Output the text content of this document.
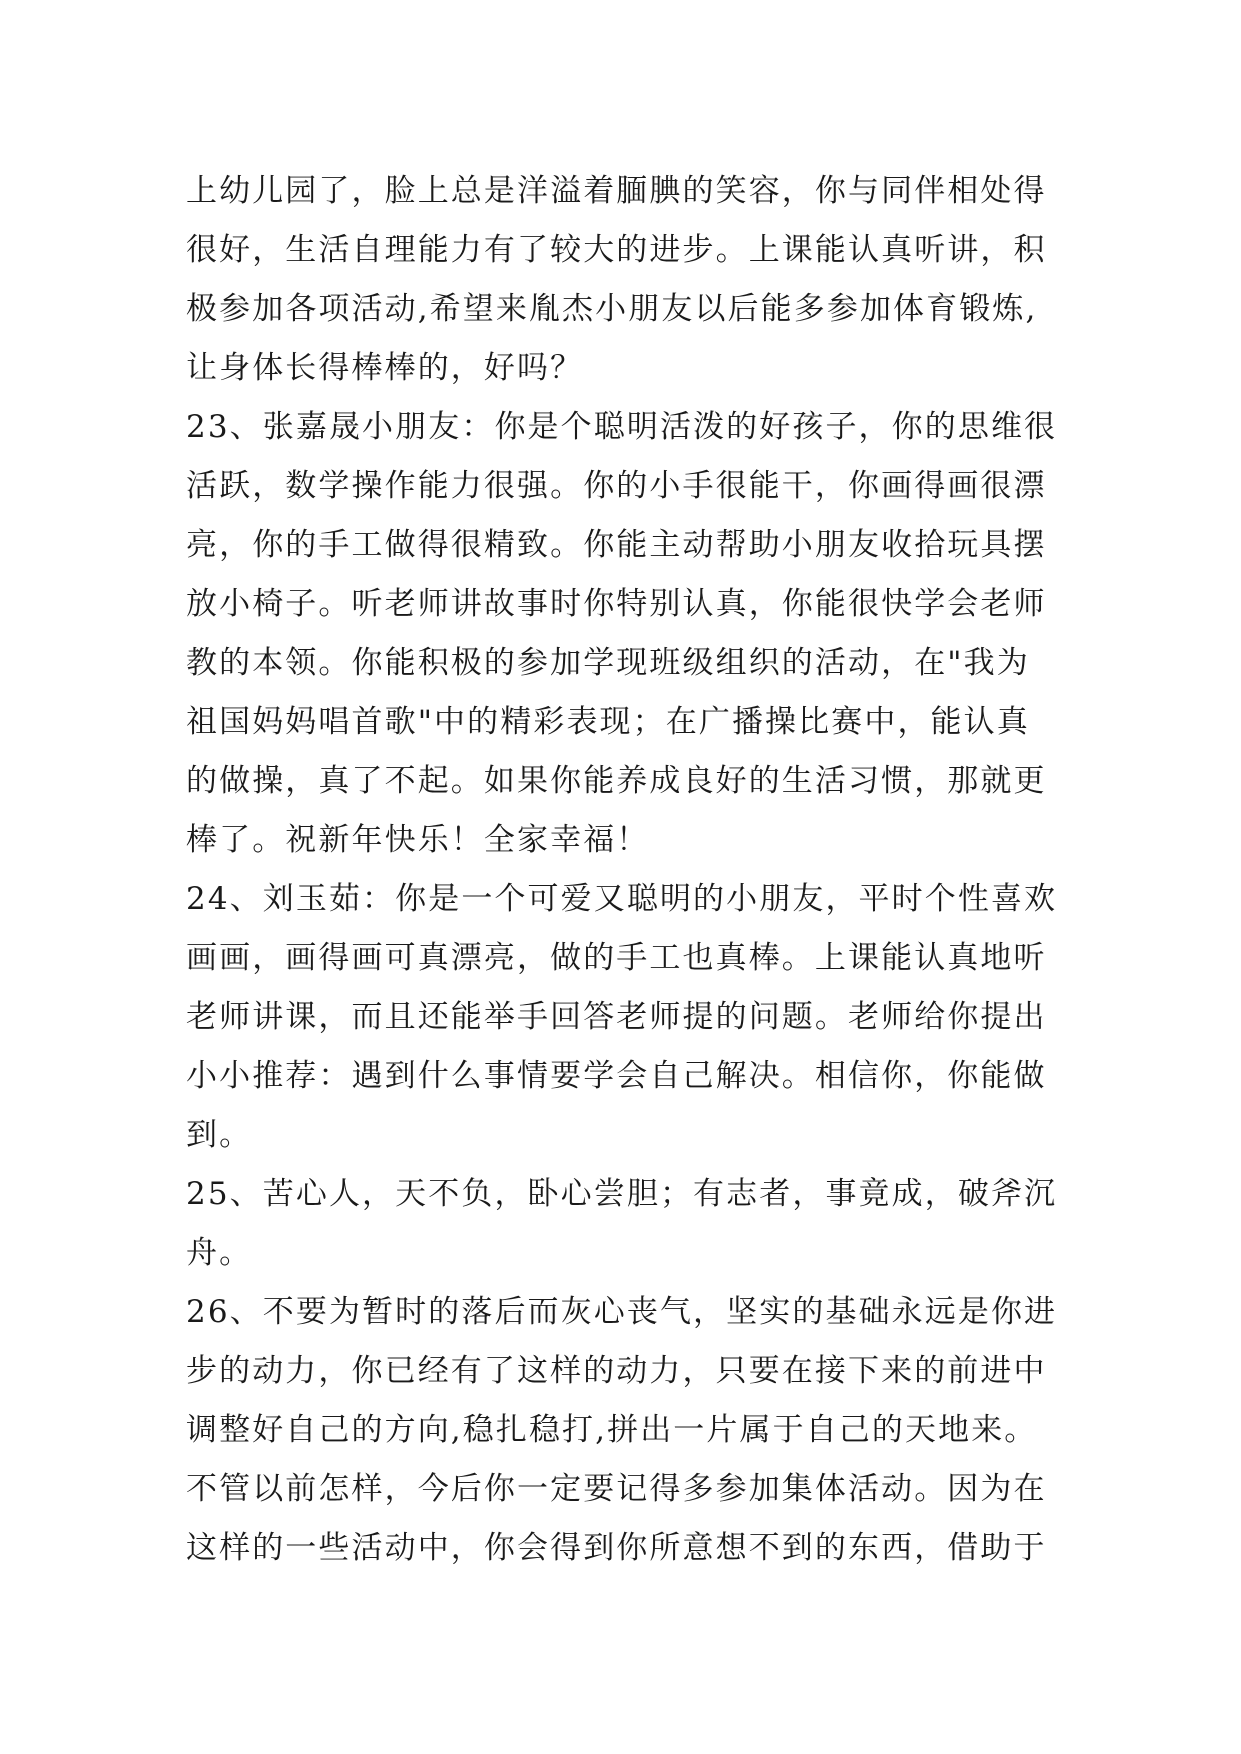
上幼儿园了，脸上总是洋溢着腼腆的笑容，你与同伴相处得
很好，生活自理能力有了较大的进步。上课能认真听讲，积
极参加各项活动,希望来胤杰小朋友以后能多参加体育锻炼,
让身体长得棒棒的，好吗？
23、张嘉晟小朋友：你是个聪明活泼的好孩子，你的思维很
活跃，数学操作能力很强。你的小手很能干，你画得画很漂
亮，你的手工做得很精致。你能主动帮助小朋友收拾玩具摆
放小椅子。听老师讲故事时你特别认真，你能很快学会老师
教的本领。你能积极的参加学现班级组织的活动，在"我为
祖国妈妈唱首歌"中的精彩表现；在广播操比赛中，能认真
的做操，真了不起。如果你能养成良好的生活习惯，那就更
棒了。祝新年快乐！全家幸福！
24、刘玉茹：你是一个可爱又聪明的小朋友，平时个性喜欢
画画，画得画可真漂亮，做的手工也真棒。上课能认真地听
老师讲课，而且还能举手回答老师提的问题。老师给你提出
小小推荐：遇到什么事情要学会自己解决。相信你，你能做
到。
25、苦心人，天不负，卧心尝胆；有志者，事竟成，破斧沉
舟。
26、不要为暂时的落后而灰心丧气，坚实的基础永远是你进
步的动力，你已经有了这样的动力，只要在接下来的前进中
调整好自己的方向,稳扎稳打,拼出一片属于自己的天地来。
不管以前怎样，今后你一定要记得多参加集体活动。因为在
这样的一些活动中，你会得到你所意想不到的东西，借助于
